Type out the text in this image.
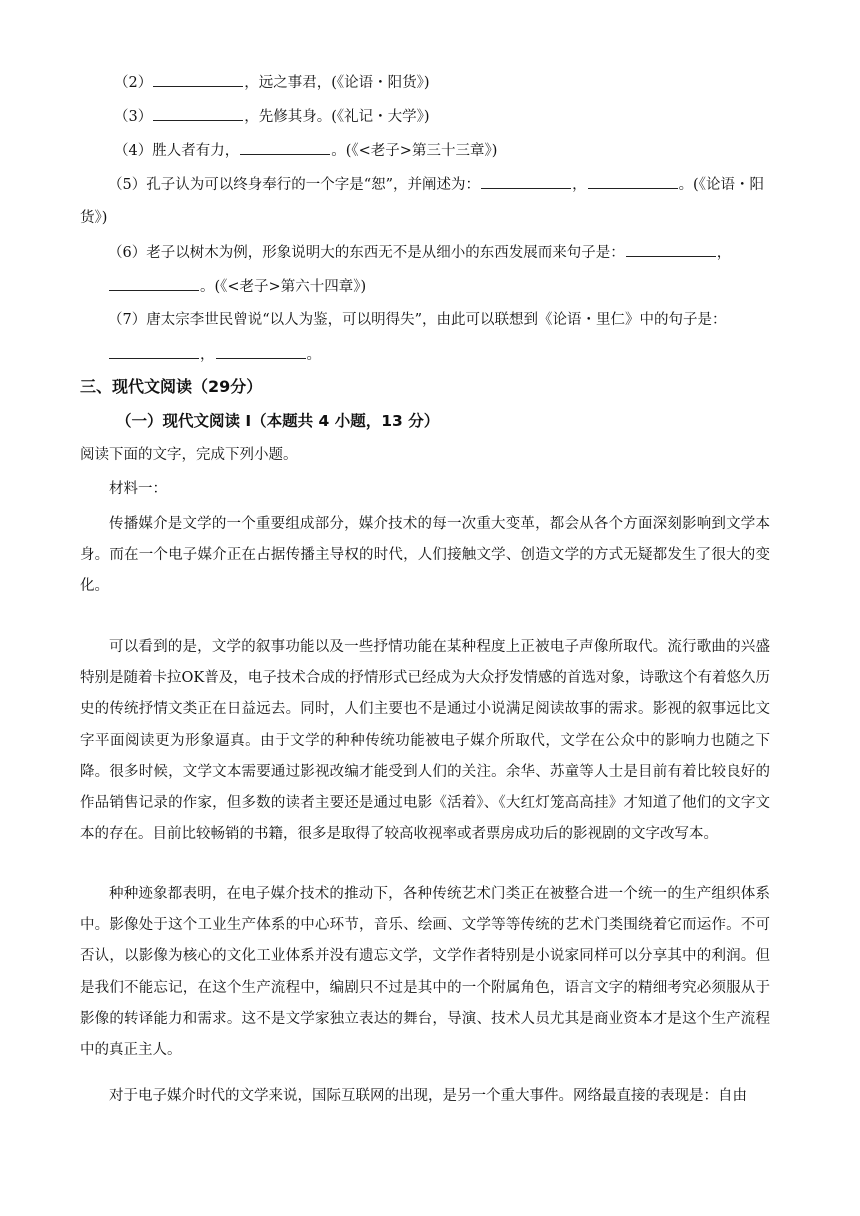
（2）	，远之事君，(《论语・阳货》)
（3）	，先修其身。(《礼记・大学》)
（4）胜人者有力，	。(《<老子>第三十三章》)
（5）孔子认为可以终身奉行的一个字是“恕”，并阐述为：	，	。(《论语・阳
货》)
（6）老子以树木为例，形象说明大的东西无不是从细小的东西发展而来句子是：	，
。(《<老子>第六十四章》)
（7）唐太宗李世民曾说“以人为鉴，可以明得失”，由此可以联想到《论语・里仁》中的句子是：
，	。
三、现代文阅读（29分）
（一）现代文阅读 I（本题共 4 小题，13 分）
阅读下面的文字，完成下列小题。
材料一：
传播媒介是文学的一个重要组成部分，媒介技术的每一次重大变革，都会从各个方面深刻影响到文学本身。而在一个电子媒介正在占据传播主导权的时代，人们接触文学、创造文学的方式无疑都发生了很大的变化。
可以看到的是，文学的叙事功能以及一些抒情功能在某种程度上正被电子声像所取代。流行歌曲的兴盛特别是随着卡拉OK普及，电子技术合成的抒情形式已经成为大众抒发情感的首选对象，诗歌这个有着悠久历史的传统抒情文类正在日益远去。同时，人们主要也不是通过小说满足阅读故事的需求。影视的叙事远比文字平面阅读更为形象逼真。由于文学的种种传统功能被电子媒介所取代，文学在公众中的影响力也随之下降。很多时候，文学文本需要通过影视改编才能受到人们的关注。余华、苏童等人士是目前有着比较良好的作品销售记录的作家，但多数的读者主要还是通过电影《活着》、《大红灯笼高高挂》才知道了他们的文字文本的存在。目前比较畅销的书籍，很多是取得了较高收视率或者票房成功后的影视剧的文字改写本。
种种迹象都表明，在电子媒介技术的推动下，各种传统艺术门类正在被整合进一个统一的生产组织体系中。影像处于这个工业生产体系的中心环节，音乐、绘画、文学等等传统的艺术门类围绕着它而运作。不可否认，以影像为核心的文化工业体系并没有遗忘文学，文学作者特别是小说家同样可以分享其中的利润。但是我们不能忘记，在这个生产流程中，编剧只不过是其中的一个附属角色，语言文字的精细考究必须服从于影像的转译能力和需求。这不是文学家独立表达的舞台，导演、技术人员尤其是商业资本才是这个生产流程中的真正主人。
对于电子媒介时代的文学来说，国际互联网的出现，是另一个重大事件。网络最直接的表现是：自由
